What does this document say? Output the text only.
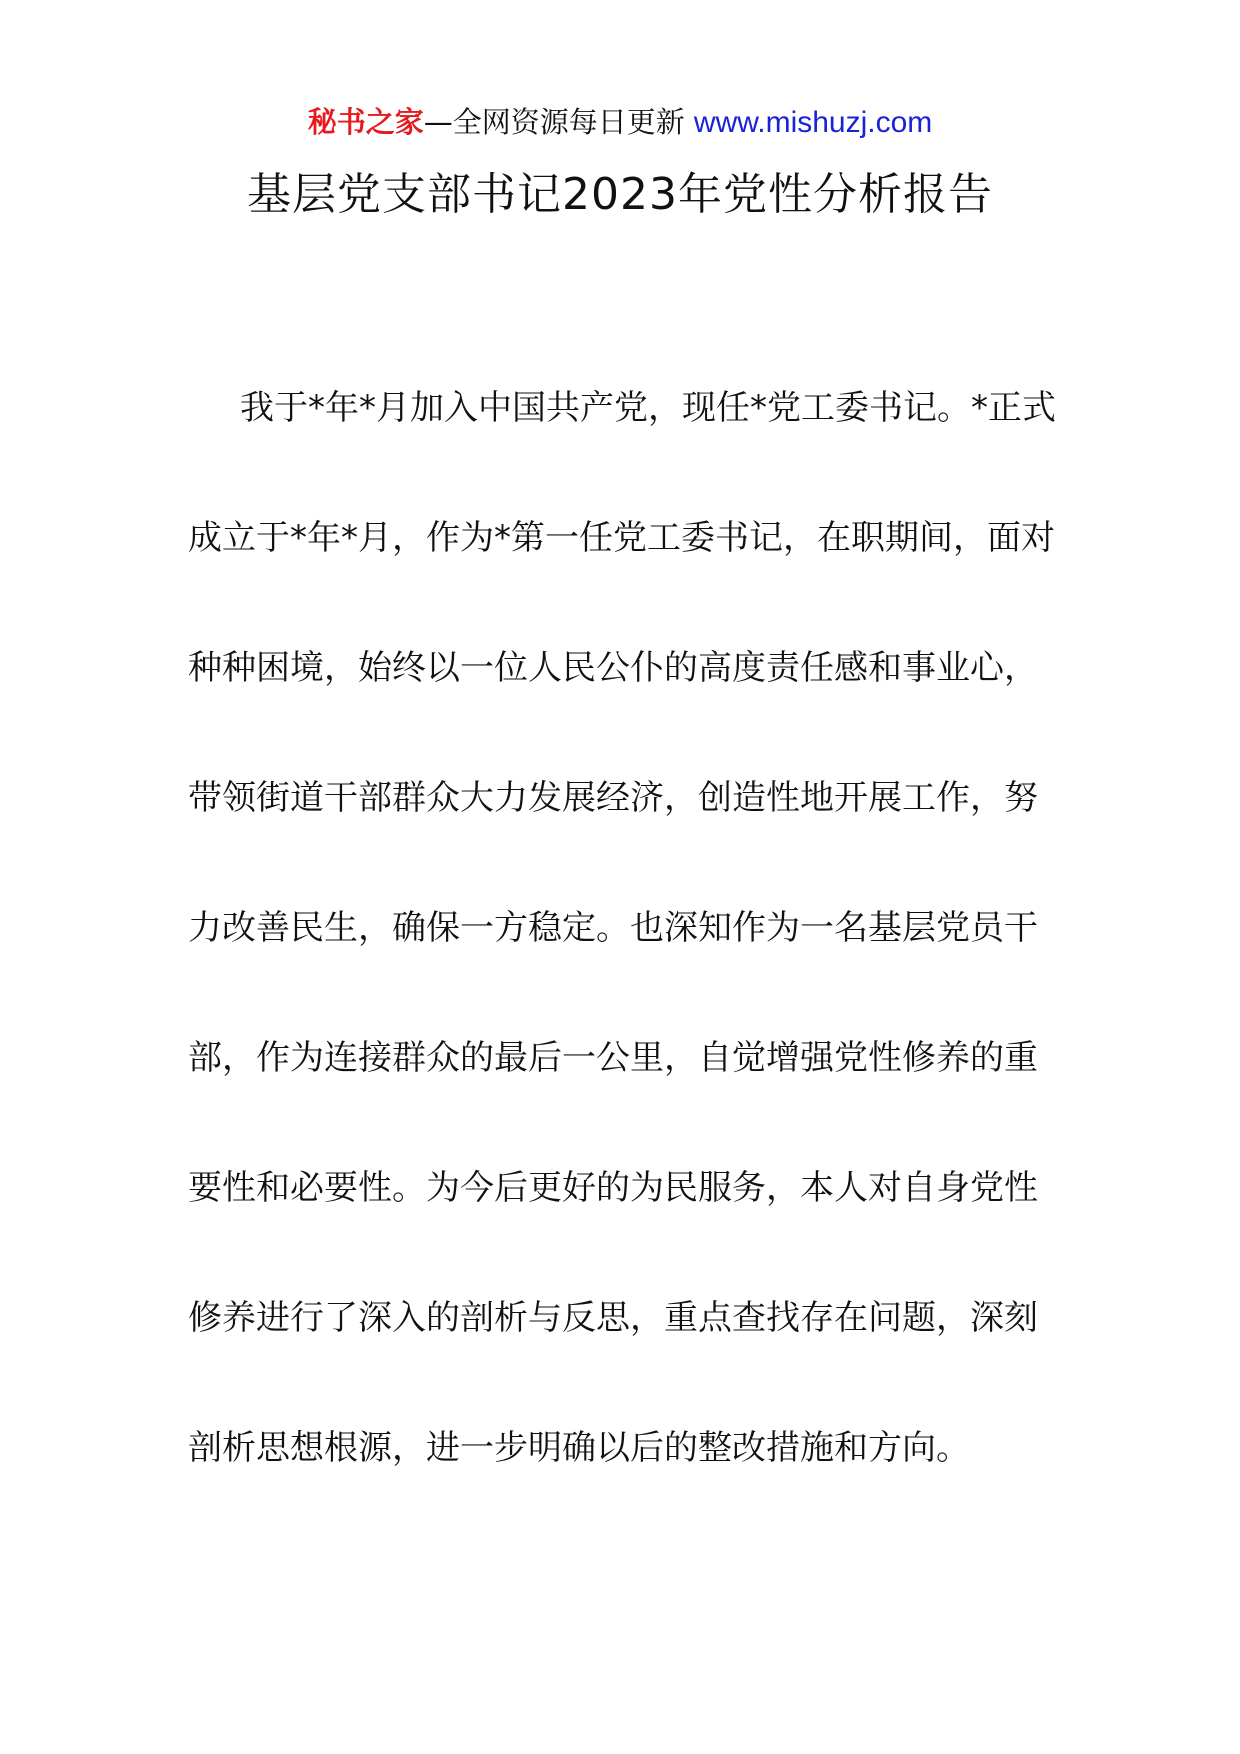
秘书之家—全网资源每日更新 www.mishuzj.com
基层党支部书记2023年党性分析报告
我于*年*月加入中国共产党，现任*党工委书记。*正式
成立于*年*月，作为*第一任党工委书记，在职期间，面对
种种困境，始终以一位人民公仆的高度责任感和事业心，
带领街道干部群众大力发展经济，创造性地开展工作，努
力改善民生，确保一方稳定。也深知作为一名基层党员干
部，作为连接群众的最后一公里，自觉增强党性修养的重
要性和必要性。为今后更好的为民服务，本人对自身党性
修养进行了深入的剖析与反思，重点查找存在问题，深刻
剖析思想根源，进一步明确以后的整改措施和方向。
